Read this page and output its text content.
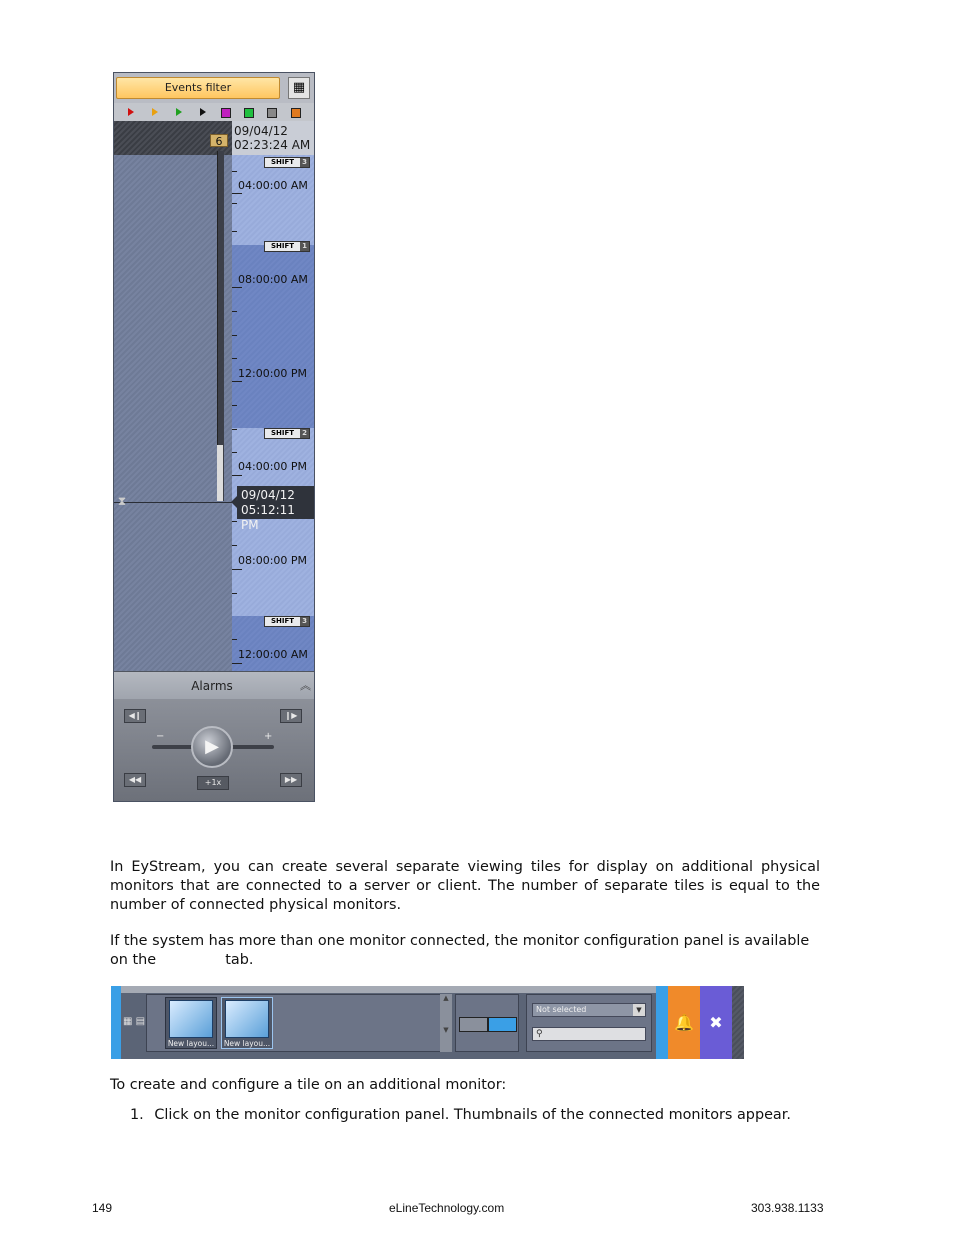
Events filter	▦
09/04/12
02:23:24 AM
6
04:00:00 AM
08:00:00 AM
12:00:00 PM
04:00:00 PM
08:00:00 PM
12:00:00 AM
SHIFT 3
SHIFT 1
SHIFT 2
SHIFT 3
⧗	09/04/12
05:12:11 PM
Alarms	︽
◀❙	❙▶
◀◀	▶▶
−	+
▶
+1x

In EyStream, you can create several separate viewing tiles for display on additional physical monitors that are connected to a server or client. The number of separate tiles is equal to the number of connected physical monitors.

If the system has more than one monitor connected, the monitor configuration panel is available on the	tab.

▦ ▤
New layou... New layou...
▲

▼
Not selected	▼
⚲
🔔 ✖

To create and configure a tile on an additional monitor:

1. Click on the monitor configuration panel. Thumbnails of the connected monitors appear.
149	eLineTechnology.com	303.938.1133
